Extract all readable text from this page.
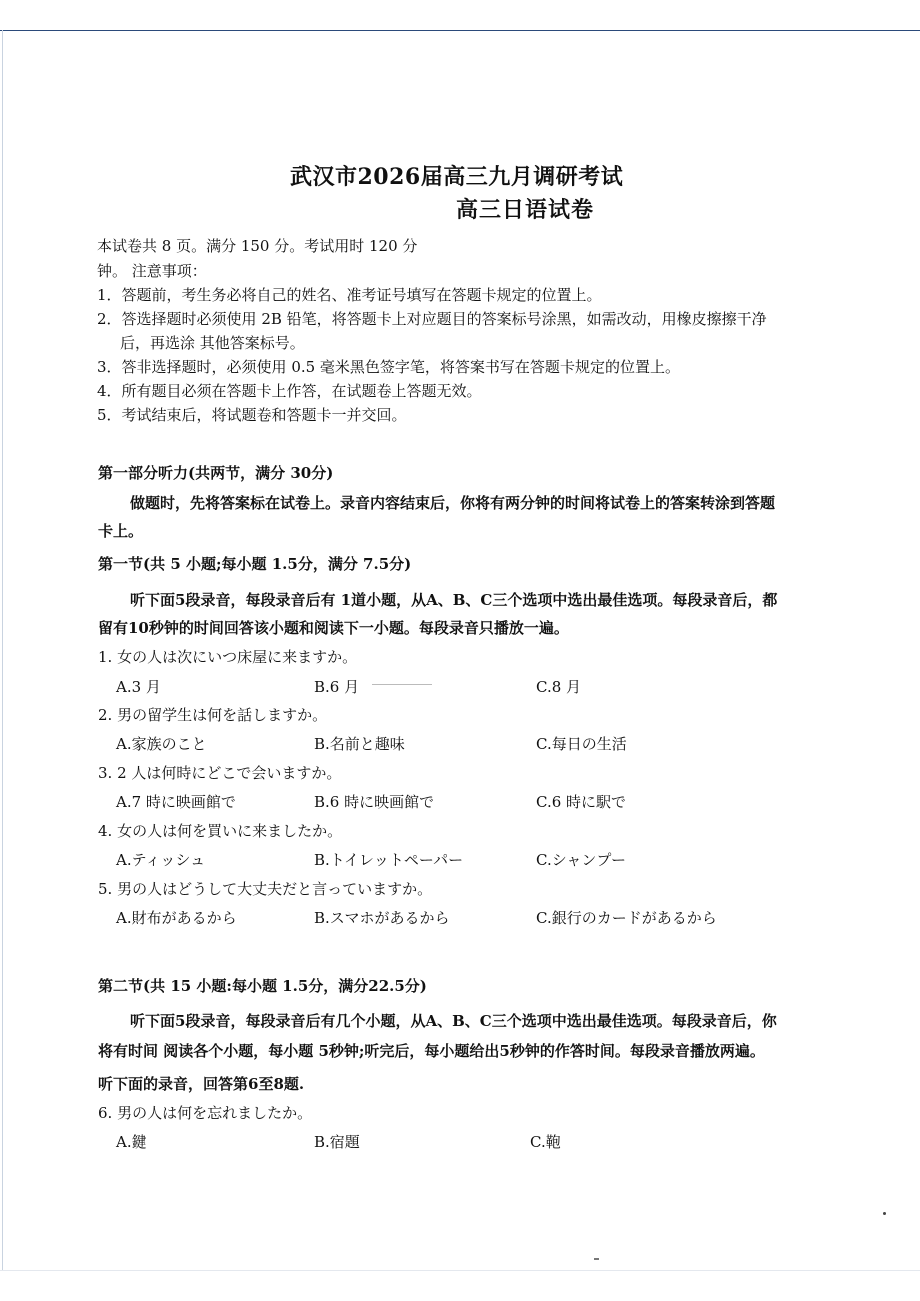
武汉市2026届高三九月调研考试
高三日语试卷
本试卷共 8 页。满分 150 分。考试用时 120 分
钟。 注意事项：
1．答题前，考生务必将自己的姓名、准考证号填写在答题卡规定的位置上。
2．答选择题时必须使用 2B 铅笔，将答题卡上对应题目的答案标号涂黑，如需改动，用橡皮擦擦干净
后，再选涂 其他答案标号。
3．答非选择题时，必须使用 0.5 毫米黑色签字笔，将答案书写在答题卡规定的位置上。
4．所有题目必须在答题卡上作答，在试题卷上答题无效。
5．考试结束后，将试题卷和答题卡一并交回。
第一部分听力(共两节，满分 30分)
做题时，先将答案标在试卷上。录音内容结束后，你将有两分钟的时间将试卷上的答案转涂到答题
卡上。
第一节(共 5 小题;每小题 1.5分，满分 7.5分)
听下面5段录音，每段录音后有 1道小题，从A、B、C三个选项中选出最佳选项。每段录音后，都
留有10秒钟的时间回答该小题和阅读下一小题。每段录音只播放一遍。
1. 女の人は次にいつ床屋に来ますか。
A.3 月	B.6 月	C.8 月
2. 男の留学生は何を話しますか。
A.家族のこと	B.名前と趣味	C.每日の生活
3. 2 人は何時にどこで会いますか。
A.7 時に映画館で	B.6 時に映画館で	C.6 時に駅で
4. 女の人は何を買いに来ましたか。
A.ティッシュ	B.トイレットペーパー	C.シャンプー
5. 男の人はどうして大丈夫だと言っていますか。
A.財布があるから	B.スマホがあるから	C.銀行のカードがあるから
第二节(共 15 小题:每小题 1.5分，满分22.5分)
听下面5段录音，每段录音后有几个小题，从A、B、C三个选项中选出最佳选项。每段录音后，你
将有时间 阅读各个小题，每小题 5秒钟;听完后，每小题给出5秒钟的作答时间。每段录音播放两遍。
听下面的录音，回答第6至8题.
6. 男の人は何を忘れましたか。
A.鍵	B.宿題	C.鞄
